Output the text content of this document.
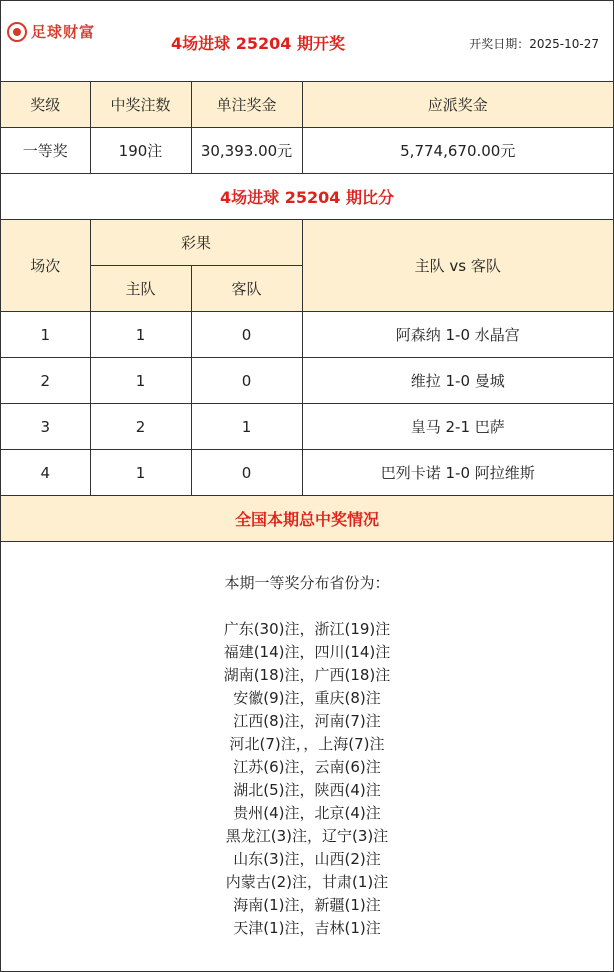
足球财富
4场进球 25204 期开奖	开奖日期：2025-10-27
奖级	中奖注数	单注奖金	应派奖金
一等奖	190注	30,393.00元	5,774,670.00元
4场进球 25204 期比分
场次	彩果		主队 vs 客队
	主队	客队	
1	1	0	阿森纳 1-0 水晶宫
2	1	0	维拉 1-0 曼城
3	2	1	皇马 2-1 巴萨
4	1	0	巴列卡诺 1-0 阿拉维斯
全国本期总中奖情况
本期一等奖分布省份为：
广东(30)注，浙江(19)注
福建(14)注，四川(14)注
湖南(18)注，广西(18)注
安徽(9)注，重庆(8)注
江西(8)注，河南(7)注
河北(7)注，，上海(7)注
江苏(6)注，云南(6)注
湖北(5)注，陕西(4)注
贵州(4)注，北京(4)注
黑龙江(3)注，辽宁(3)注
山东(3)注，山西(2)注
内蒙古(2)注，甘肃(1)注
海南(1)注，新疆(1)注
天津(1)注，吉林(1)注
